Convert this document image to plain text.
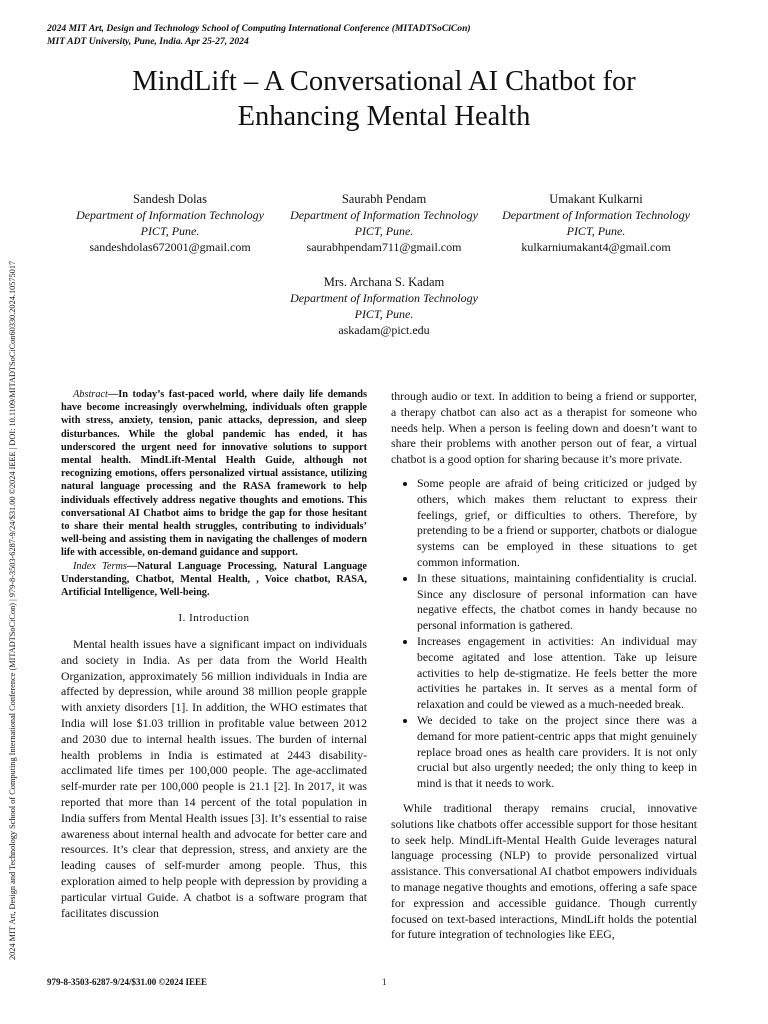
2024 MIT Art, Design and Technology School of Computing International Conference (MITADTSoCiCon)
MIT ADT University, Pune, India. Apr 25-27, 2024
2024 MIT Art, Design and Technology School of Computing International Conference (MITADTSoCiCon) | 979-8-3503-6287-9/24/$31.00 ©2024 IEEE | DOI: 10.1109/MITADTSoCiCon60330.2024.10575017
MindLift – A Conversational AI Chatbot for
Enhancing Mental Health
Sandesh Dolas
Department of Information Technology
PICT, Pune.
sandeshdolas672001@gmail.com
Saurabh Pendam
Department of Information Technology
PICT, Pune.
saurabhpendam711@gmail.com
Umakant Kulkarni
Department of Information Technology
PICT, Pune.
kulkarniumakant4@gmail.com
Mrs. Archana S. Kadam
Department of Information Technology
PICT, Pune.
askadam@pict.edu

Abstract—In today’s fast-paced world, where daily life demands have become increasingly overwhelming, individuals often grapple with stress, anxiety, tension, panic attacks, depression, and sleep disturbances. While the global pandemic has ended, it has underscored the urgent need for innovative solutions to support mental health. MindLift-Mental Health Guide, although not recognizing emotions, offers personalized virtual assistance, utilizing natural language processing and the RASA framework to help individuals effectively address negative thoughts and emotions. This conversational AI Chatbot aims to bridge the gap for those hesitant to share their mental health struggles, contributing to individuals’ well-being and assisting them in navigating the challenges of modern life with accessible, on-demand guidance and support.

Index Terms—Natural Language Processing, Natural Language Understanding, Chatbot, Mental Health, , Voice chatbot, RASA, Artificial Intelligence, Well-being.

I. Introduction

Mental health issues have a significant impact on individuals and society in India. As per data from the World Health Organization, approximately 56 million individuals in India are affected by depression, while around 38 million people grapple with anxiety disorders [1]. In addition, the WHO estimates that India will lose $1.03 trillion in profitable value between 2012 and 2030 due to internal health issues. The burden of internal health problems in India is estimated at 2443 disability-acclimated life times per 100,000 people. The age-acclimated self-murder rate per 100,000 people is 21.1 [2]. In 2017, it was reported that more than 14 percent of the total population in India suffers from Mental Health issues [3]. It’s essential to raise awareness about internal health and advocate for better care and resources. It’s clear that depression, stress, and anxiety are the leading causes of self-murder among people. Thus, this exploration aimed to help people with depression by providing a particular virtual Guide. A chatbot is a software program that facilitates discussion

through audio or text. In addition to being a friend or supporter, a therapy chatbot can also act as a therapist for someone who needs help. When a person is feeling down and doesn’t want to share their problems with another person out of fear, a virtual chatbot is a good option for sharing because it’s more private.

• Some people are afraid of being criticized or judged by others, which makes them reluctant to express their feelings, grief, or difficulties to others. Therefore, by pretending to be a friend or supporter, chatbots or dialogue systems can be employed in these situations to get common information.
• In these situations, maintaining confidentiality is crucial. Since any disclosure of personal information can have negative effects, the chatbot comes in handy because no personal information is gathered.
• Increases engagement in activities: An individual may become agitated and lose attention. Take up leisure activities to help de-stigmatize. He feels better the more activities he partakes in. It serves as a mental form of relaxation and could be viewed as a much-needed break.
• We decided to take on the project since there was a demand for more patient-centric apps that might genuinely replace broad ones as health care providers. It is not only crucial but also urgently needed; the only thing to keep in mind is that it needs to work.

While traditional therapy remains crucial, innovative solutions like chatbots offer accessible support for those hesitant to seek help. MindLift-Mental Health Guide leverages natural language processing (NLP) to provide personalized virtual assistance. This conversational AI chatbot empowers individuals to manage negative thoughts and emotions, offering a safe space for expression and accessible guidance. Though currently focused on text-based interactions, MindLift holds the potential for future integration of technologies like EEG,

979-8-3503-6287-9/24/$31.00 ©2024 IEEE	1
